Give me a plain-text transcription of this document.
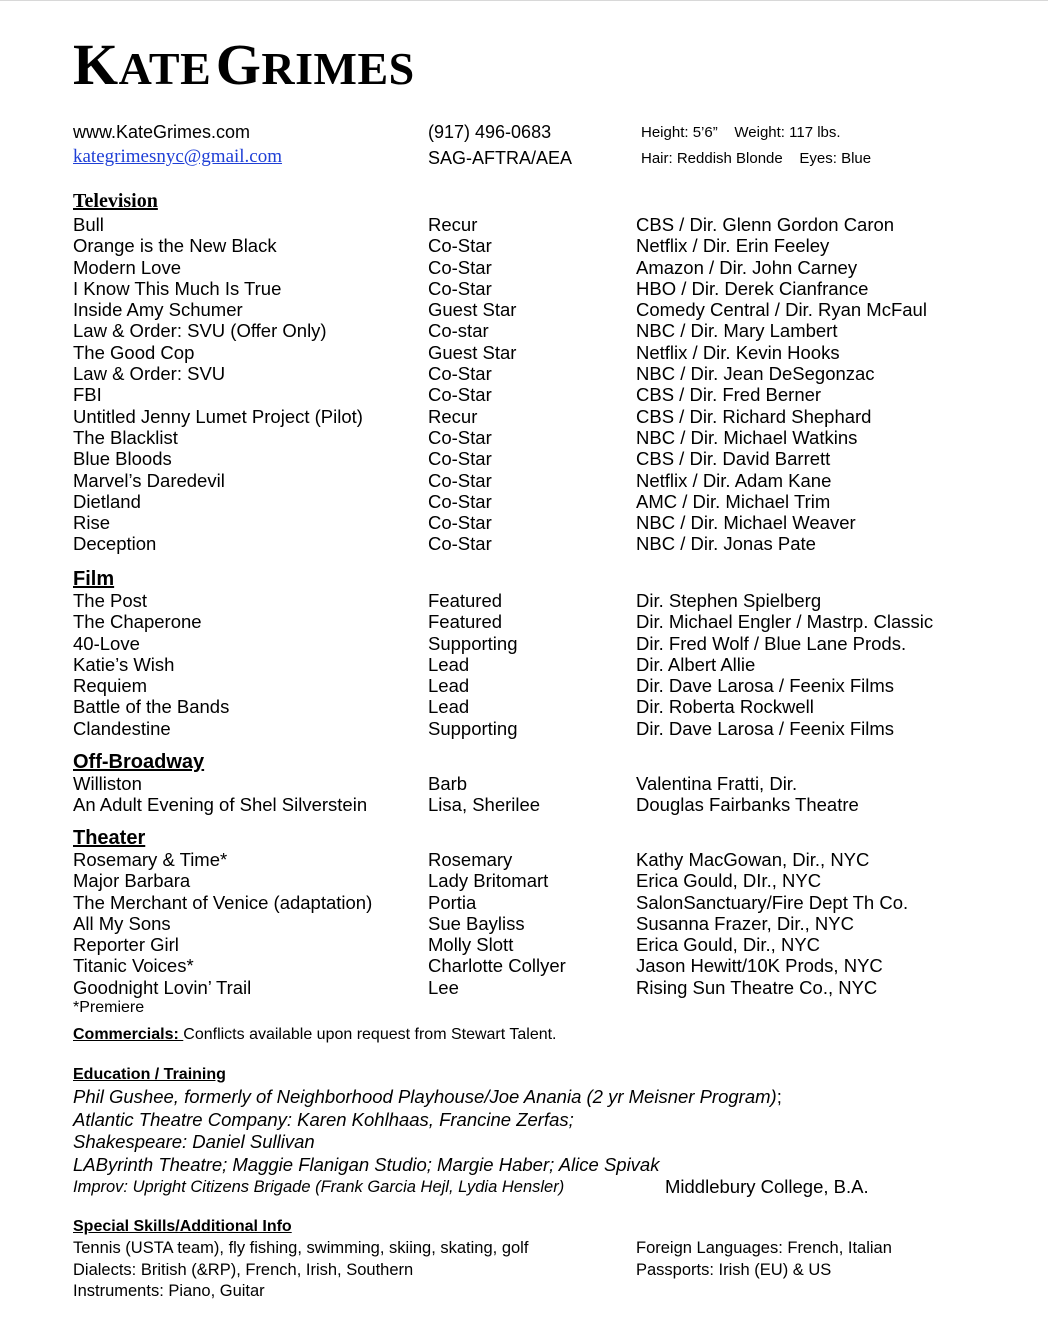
KATE GRIMES
www.KateGrimes.com
kategrimesnyc@gmail.com
(917) 496-0683
SAG-AFTRA/AEA
Height: 5’6”    Weight: 117 lbs.
Hair: Reddish Blonde    Eyes: Blue
Television
Bull	Recur	CBS / Dir. Glenn Gordon Caron
Orange is the New Black	Co-Star	Netflix / Dir. Erin Feeley
Modern Love	Co-Star	Amazon / Dir. John Carney
I Know This Much Is True	Co-Star	HBO / Dir. Derek Cianfrance
Inside Amy Schumer	Guest Star	Comedy Central / Dir. Ryan McFaul
Law & Order: SVU (Offer Only)	Co-star	NBC / Dir. Mary Lambert
The Good Cop	Guest Star	Netflix / Dir. Kevin Hooks
Law & Order: SVU	Co-Star	NBC / Dir. Jean DeSegonzac
FBI	Co-Star	CBS / Dir. Fred Berner
Untitled Jenny Lumet Project (Pilot)	Recur	CBS / Dir. Richard Shephard
The Blacklist	Co-Star	NBC / Dir. Michael Watkins
Blue Bloods	Co-Star	CBS / Dir. David Barrett
Marvel’s Daredevil	Co-Star	Netflix / Dir. Adam Kane
Dietland	Co-Star	AMC / Dir. Michael Trim
Rise	Co-Star	NBC / Dir. Michael Weaver
Deception	Co-Star	NBC / Dir. Jonas Pate
Film
The Post	Featured	Dir. Stephen Spielberg
The Chaperone	Featured	Dir. Michael Engler / Mastrp. Classic
40-Love	Supporting	Dir. Fred Wolf / Blue Lane Prods.
Katie’s Wish	Lead	Dir. Albert Allie
Requiem	Lead	Dir. Dave Larosa / Feenix Films
Battle of the Bands	Lead	Dir. Roberta Rockwell
Clandestine	Supporting	Dir. Dave Larosa / Feenix Films
Off-Broadway
Williston	Barb	Valentina Fratti, Dir.
An Adult Evening of Shel Silverstein	Lisa, Sherilee	Douglas Fairbanks Theatre
Theater
Rosemary & Time*	Rosemary	Kathy MacGowan, Dir., NYC
Major Barbara	Lady Britomart	Erica Gould, DIr., NYC
The Merchant of Venice (adaptation)	Portia	SalonSanctuary/Fire Dept Th Co.
All My Sons	Sue Bayliss	Susanna Frazer, Dir., NYC
Reporter Girl	Molly Slott	Erica Gould, Dir., NYC
Titanic Voices*	Charlotte Collyer	Jason Hewitt/10K Prods, NYC
Goodnight Lovin’ Trail	Lee	Rising Sun Theatre Co., NYC
*Premiere
Commercials: Conflicts available upon request from Stewart Talent.
Education / Training
Phil Gushee, formerly of Neighborhood Playhouse/Joe Anania (2 yr Meisner Program);
Atlantic Theatre Company: Karen Kohlhaas, Francine Zerfas;
Shakespeare: Daniel Sullivan
LAByrinth Theatre; Maggie Flanigan Studio; Margie Haber; Alice Spivak
Improv: Upright Citizens Brigade (Frank Garcia Hejl, Lydia Hensler)	Middlebury College, B.A.
Special Skills/Additional Info
Tennis (USTA team), fly fishing, swimming, skiing, skating, golf	Foreign Languages: French, Italian
Dialects: British (&RP), French, Irish, Southern	Passports: Irish (EU) & US
Instruments: Piano, Guitar
